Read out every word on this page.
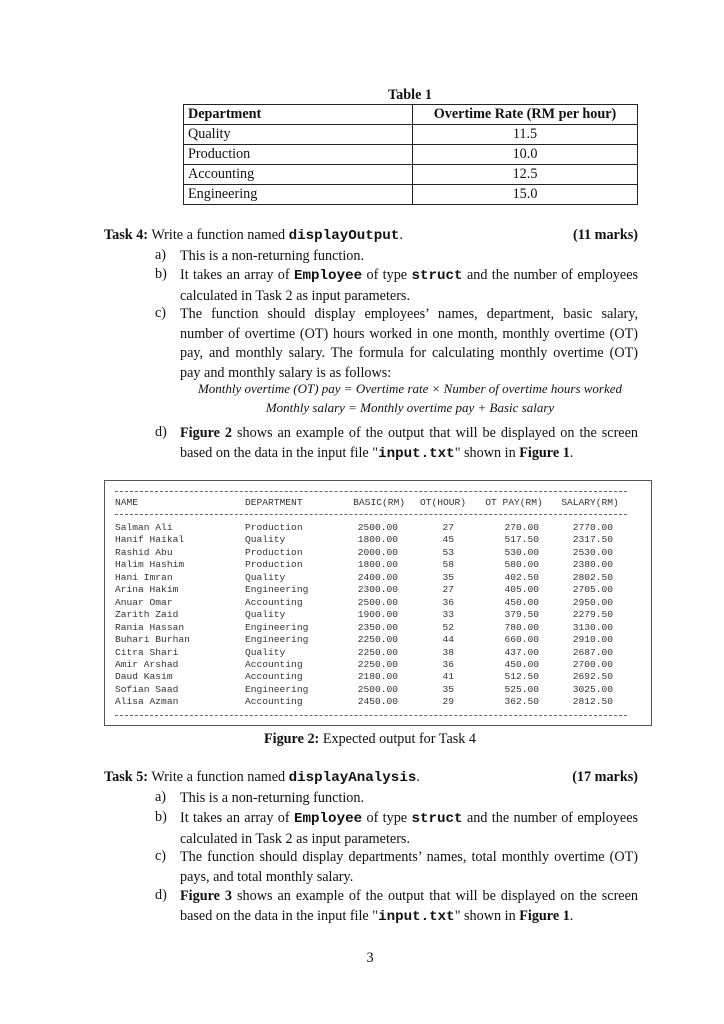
Table 1
Department	Overtime Rate (RM per hour)
Quality	11.5
Production	10.0
Accounting	12.5
Engineering	15.0
Task 4: Write a function named displayOutput.	(11 marks)
a) This is a non-returning function.
b) It takes an array of Employee of type struct and the number of employees calculated in Task 2 as input parameters.
c) The function should display employees’ names, department, basic salary, number of overtime (OT) hours worked in one month, monthly overtime (OT) pay, and monthly salary. The formula for calculating monthly overtime (OT) pay and monthly salary is as follows:
Monthly overtime (OT) pay = Overtime rate × Number of overtime hours worked
Monthly salary = Monthly overtime pay + Basic salary
d) Figure 2 shows an example of the output that will be displayed on the screen based on the data in the input file "input.txt" shown in Figure 1.
NAME	DEPARTMENT	BASIC(RM)	OT(HOUR)	OT PAY(RM)	SALARY(RM)
Salman Ali	Production	2500.00	27	270.00	2770.00
Hanif Haikal	Quality	1800.00	45	517.50	2317.50
Rashid Abu	Production	2000.00	53	530.00	2530.00
Halim Hashim	Production	1800.00	58	580.00	2380.00
Hani Imran	Quality	2400.00	35	402.50	2802.50
Arina Hakim	Engineering	2300.00	27	405.00	2705.00
Anuar Omar	Accounting	2500.00	36	450.00	2950.00
Zarith Zaid	Quality	1900.00	33	379.50	2279.50
Rania Hassan	Engineering	2350.00	52	780.00	3130.00
Buhari Burhan	Engineering	2250.00	44	660.00	2910.00
Citra Shari	Quality	2250.00	38	437.00	2687.00
Amir Arshad	Accounting	2250.00	36	450.00	2700.00
Daud Kasim	Accounting	2180.00	41	512.50	2692.50
Sofian Saad	Engineering	2500.00	35	525.00	3025.00
Alisa Azman	Accounting	2450.00	29	362.50	2812.50
Figure 2: Expected output for Task 4
Task 5: Write a function named displayAnalysis.	(17 marks)
a) This is a non-returning function.
b) It takes an array of Employee of type struct and the number of employees calculated in Task 2 as input parameters.
c) The function should display departments’ names, total monthly overtime (OT) pays, and total monthly salary.
d) Figure 3 shows an example of the output that will be displayed on the screen based on the data in the input file "input.txt" shown in Figure 1.
3
